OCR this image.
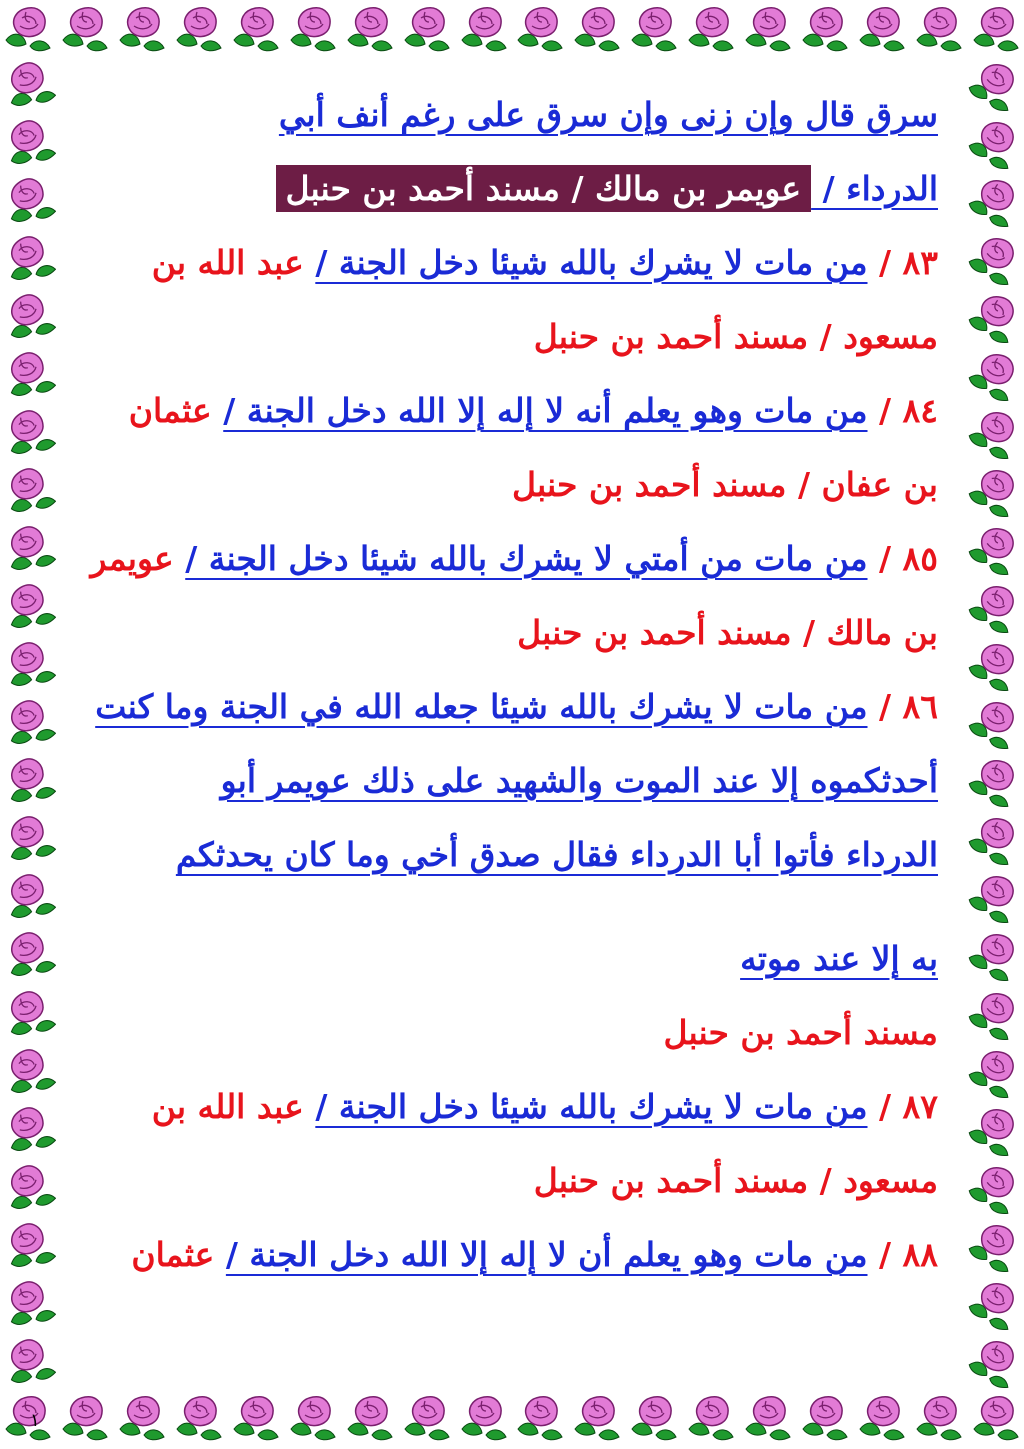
١
سرق قال وإن زنى وإن سرق على رغم أنف أبي
الدرداء / عويمر بن مالك / مسند أحمد بن حنبل
٨٣ / من مات لا يشرك بالله شيئا دخل الجنة / عبد الله بن
مسعود / مسند أحمد بن حنبل
٨٤ / من مات وهو يعلم أنه لا إله إلا الله دخل الجنة / عثمان
بن عفان / مسند أحمد بن حنبل
٨٥ / من مات من أمتي لا يشرك بالله شيئا دخل الجنة / عويمر
بن مالك / مسند أحمد بن حنبل
٨٦ / من مات لا يشرك بالله شيئا جعله الله في الجنة وما كنت
أحدثكموه إلا عند الموت والشهيد على ذلك عويمر أبو
الدرداء فأتوا أبا الدرداء فقال صدق أخي وما كان يحدثكم
به إلا عند موته
مسند أحمد بن حنبل
٨٧ / من مات لا يشرك بالله شيئا دخل الجنة / عبد الله بن
مسعود / مسند أحمد بن حنبل
٨٨ / من مات وهو يعلم أن لا إله إلا الله دخل الجنة / عثمان
